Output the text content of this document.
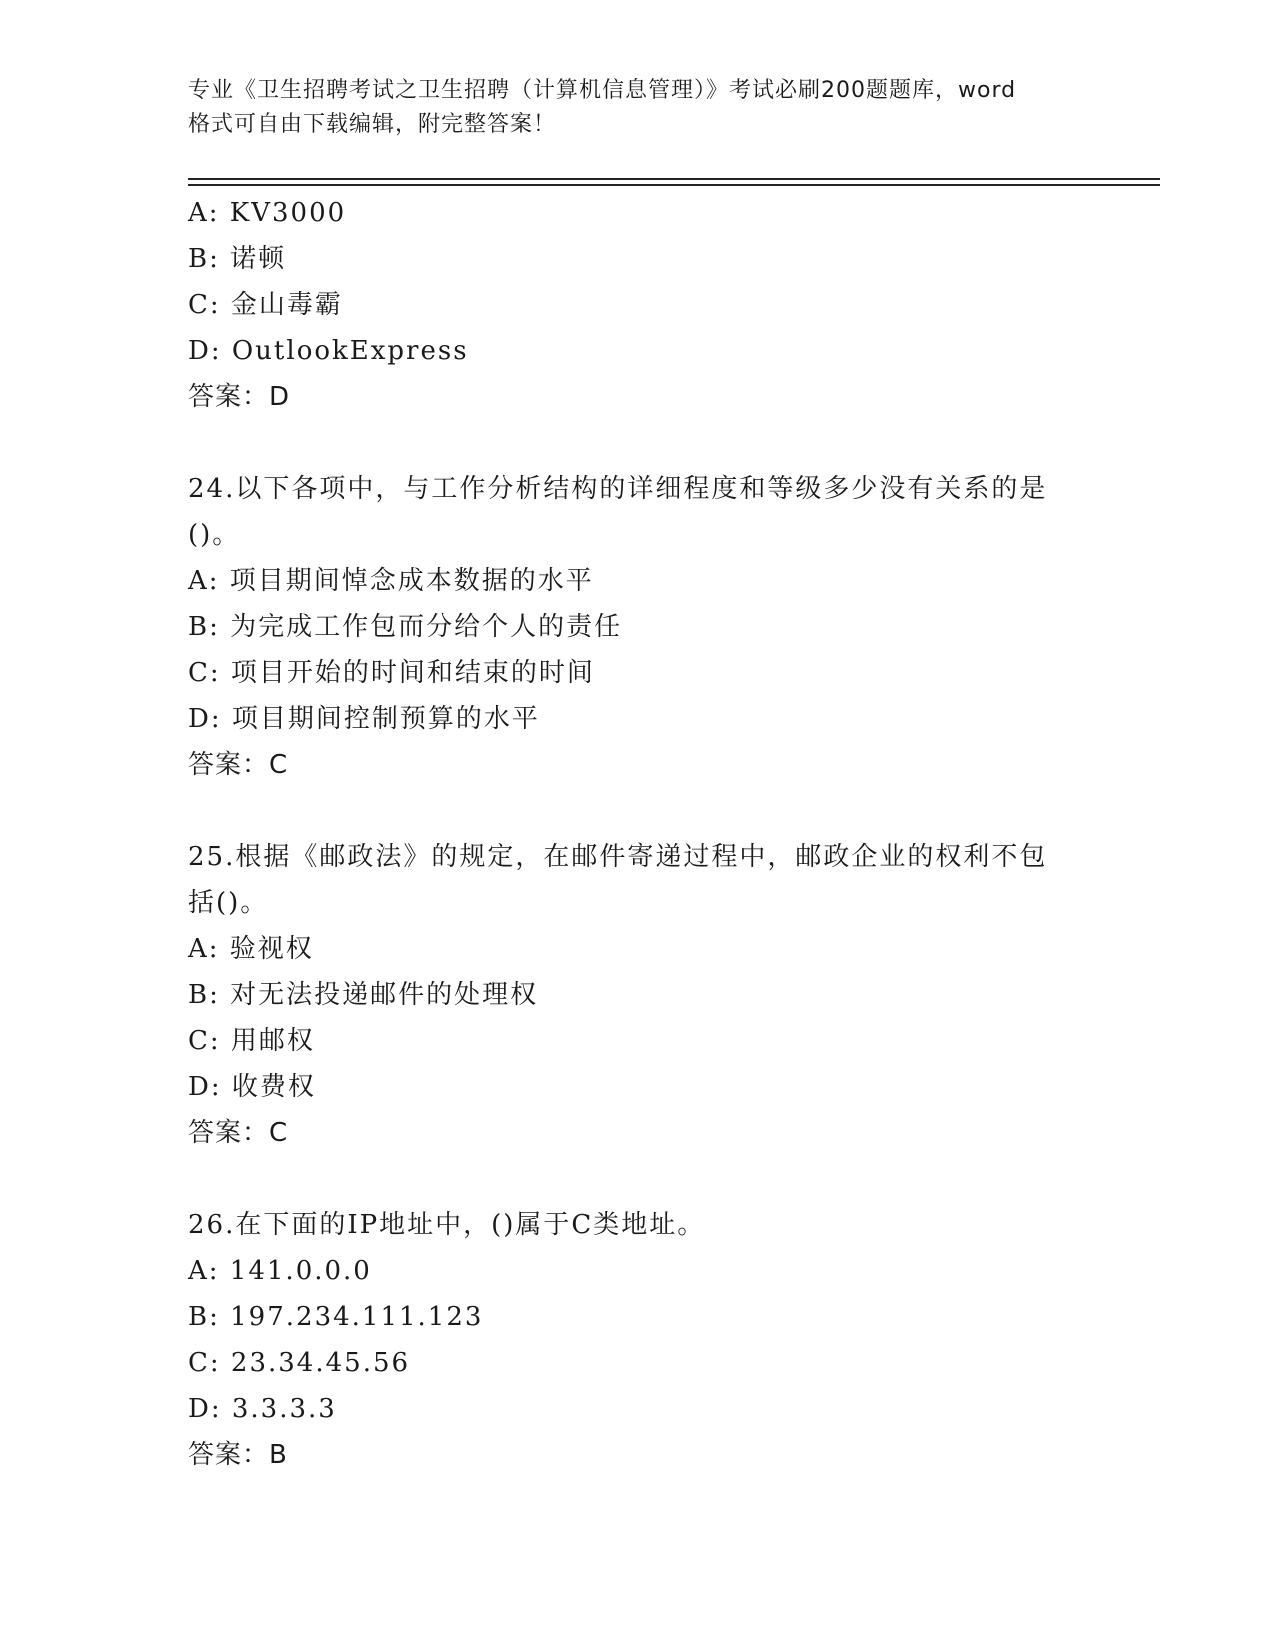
专业《卫生招聘考试之卫生招聘（计算机信息管理）》考试必刷200题题库，word
格式可自由下载编辑，附完整答案！
A: KV3000
B: 诺顿
C: 金山毒霸
D: OutlookExpress
答案：D
24.以下各项中，与工作分析结构的详细程度和等级多少没有关系的是
()。
A: 项目期间悼念成本数据的水平
B: 为完成工作包而分给个人的责任
C: 项目开始的时间和结束的时间
D: 项目期间控制预算的水平
答案：C
25.根据《邮政法》的规定，在邮件寄递过程中，邮政企业的权利不包
括()。
A: 验视权
B: 对无法投递邮件的处理权
C: 用邮权
D: 收费权
答案：C
26.在下面的IP地址中，()属于C类地址。
A: 141.0.0.0
B: 197.234.111.123
C: 23.34.45.56
D: 3.3.3.3
答案：B
